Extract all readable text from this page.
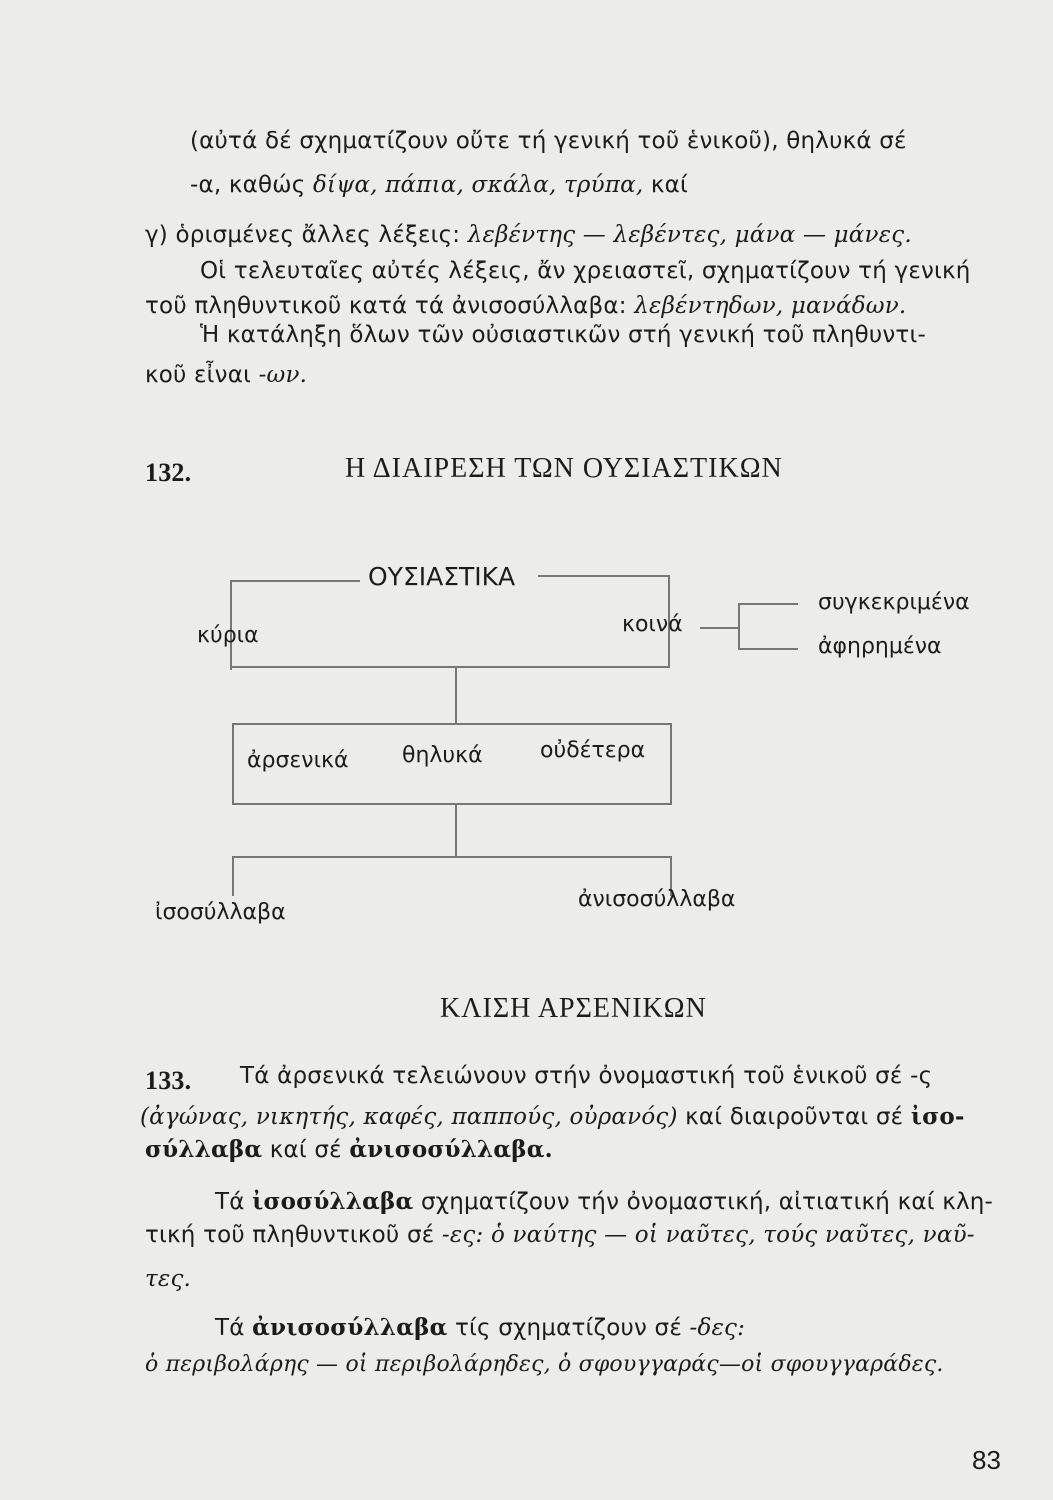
(αὐτά δέ σχηματίζουν οὔτε τή γενική τοῦ ἑνικοῦ), θηλυκά σέ
-α, καθώς δίψα, πάπια, σκάλα, τρύπα, καί
γ) ὁρισμένες ἄλλες λέξεις: λεβέντης — λεβέντες, μάνα — μάνες.
Οἱ τελευταῖες αὐτές λέξεις, ἄν χρειαστεῖ, σχηματίζουν τή γενική
τοῦ πληθυντικοῦ κατά τά ἀνισοσύλλαβα: λεβέντηδων, μανάδων.
Ἡ κατάληξη ὅλων τῶν οὐσιαστικῶν στή γενική τοῦ πληθυντι-
κοῦ εἶναι -ων.
132.	Η ΔΙΑΙΡΕΣΗ ΤΩΝ ΟΥΣΙΑΣΤΙΚΩΝ
ΟΥΣΙΑΣΤΙΚΑ
κύρια	κοινά
συγκεκριμένα
ἀφηρημένα
ἀρσενικά θηλυκά	οὐδέτερα
ἰσοσύλλαβα
ἀνισοσύλλαβα
ΚΛΙΣΗ ΑΡΣΕΝΙΚΩΝ
133. Τά ἀρσενικά τελειώνουν στήν ὀνομαστική τοῦ ἑνικοῦ σέ -ς
(ἀγώνας, νικητής, καφές, παππούς, οὐρανός) καί διαιροῦνται σέ ἰσο-
σύλλαβα καί σέ ἀνισοσύλλαβα.
Τά ἰσοσύλλαβα σχηματίζουν τήν ὀνομαστική, αἰτιατική καί κλη-
τική τοῦ πληθυντικοῦ σέ -ες: ὁ ναύτης — οἱ ναῦτες, τούς ναῦτες, ναῦ-
τες.
Τά ἀνισοσύλλαβα τίς σχηματίζουν σέ -δες:
ὁ περιβολάρης — οἱ περιβολάρηδες, ὁ σφουγγαράς—οἱ σφουγγαράδες.
83
